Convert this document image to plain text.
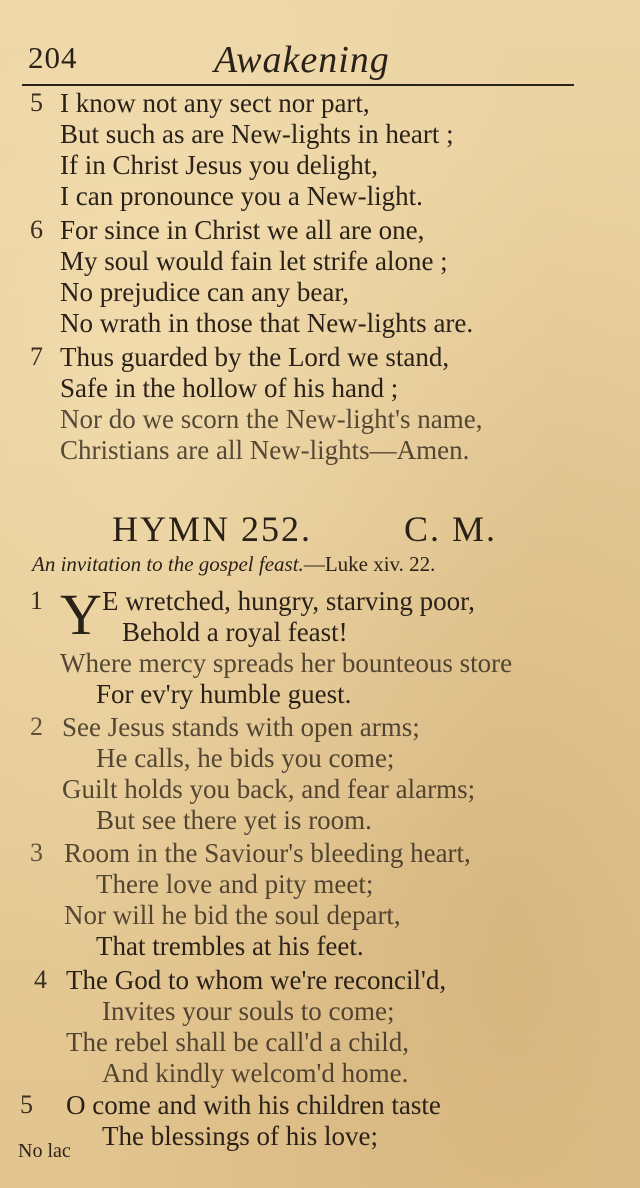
204	Awakening
5 I know not any sect nor part,
But such as are New-lights in heart ;
If in Christ Jesus you delight,
I can pronounce you a New-light.
6 For since in Christ we all are one,
My soul would fain let strife alone ;
No prejudice can any bear,
No wrath in those that New-lights are.
7 Thus guarded by the Lord we stand,
Safe in the hollow of his hand ;
Nor do we scorn the New-light's name,
Christians are all New-lights—Amen.
HYMN 252.	C. M.
An invitation to the gospel feast.—Luke xiv. 22.
1 Y E wretched, hungry, starving poor,
Behold a royal feast!
Where mercy spreads her bounteous store
For ev'ry humble guest.
2 See Jesus stands with open arms;
He calls, he bids you come;
Guilt holds you back, and fear alarms;
But see there yet is room.
3 Room in the Saviour's bleeding heart,
There love and pity meet;
Nor will he bid the soul depart,
That trembles at his feet.
4 The God to whom we're reconcil'd,
Invites your souls to come;
The rebel shall be call'd a child,
And kindly welcom'd home.
5 O come and with his children taste
The blessings of his love;
No lac
